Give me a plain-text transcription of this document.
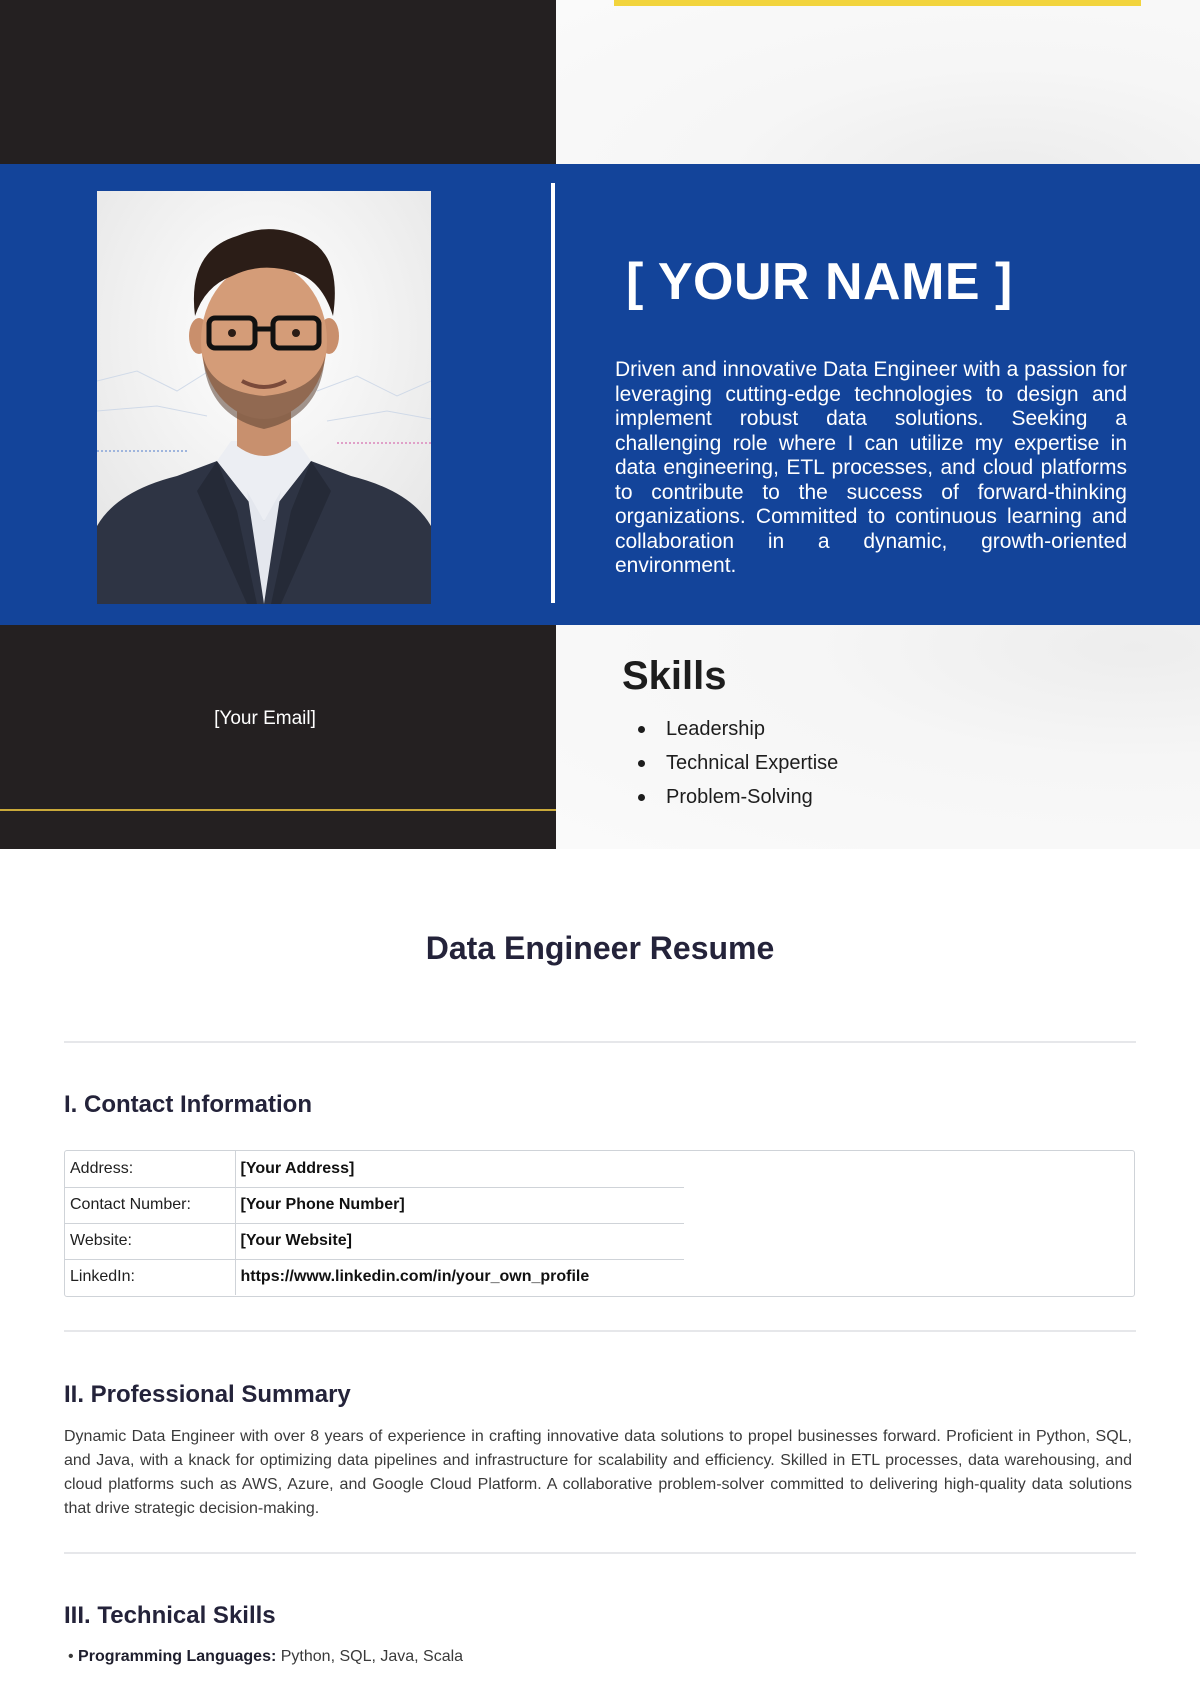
[ YOUR NAME ]

Driven and innovative Data Engineer with a passion for leveraging cutting-edge technologies to design and implement robust data solutions. Seeking a challenging role where I can utilize my expertise in data engineering, ETL processes, and cloud platforms to contribute to the success of forward-thinking organizations. Committed to continuous learning and collaboration in a dynamic, growth-oriented environment.

[Your Email]
Skills
Leadership
Technical Expertise
Problem-Solving
Data Engineer Resume
I. Contact Information
Address:	[Your Address]
Contact Number:	[Your Phone Number]
Website:	[Your Website]
LinkedIn:	https://www.linkedin.com/in/your_own_profile
II. Professional Summary

Dynamic Data Engineer with over 8 years of experience in crafting innovative data solutions to propel businesses forward. Proficient in Python, SQL, and Java, with a knack for optimizing data pipelines and infrastructure for scalability and efficiency. Skilled in ETL processes, data warehousing, and cloud platforms such as AWS, Azure, and Google Cloud Platform. A collaborative problem-solver committed to delivering high-quality data solutions that drive strategic decision-making.

III. Technical Skills
• Programming Languages: Python, SQL, Java, Scala
